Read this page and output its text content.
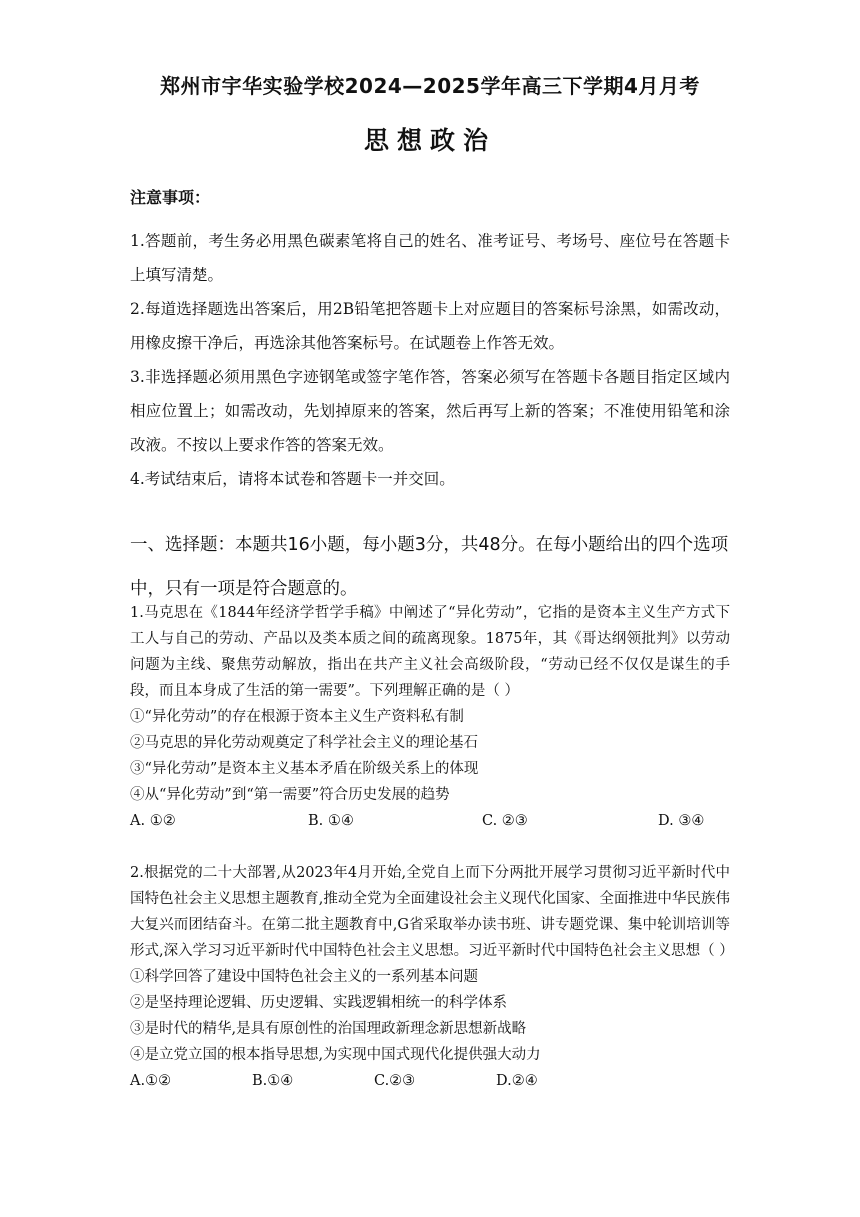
郑州市宇华实验学校2024—2025学年高三下学期4月月考
思想政治
注意事项：

1.答题前，考生务必用黑色碳素笔将自己的姓名、准考证号、考场号、座位号在答题卡上填写清楚。

2.每道选择题选出答案后，用2B铅笔把答题卡上对应题目的答案标号涂黑，如需改动，用橡皮擦干净后，再选涂其他答案标号。在试题卷上作答无效。

3.非选择题必须用黑色字迹钢笔或签字笔作答，答案必须写在答题卡各题目指定区域内相应位置上；如需改动，先划掉原来的答案，然后再写上新的答案；不准使用铅笔和涂改液。不按以上要求作答的答案无效。

4.考试结束后，请将本试卷和答题卡一并交回。

一、选择题：本题共16小题，每小题3分，共48分。在每小题给出的四个选项中，只有一项是符合题意的。

1.马克思在《1844年经济学哲学手稿》中阐述了“异化劳动”，它指的是资本主义生产方式下工人与自己的劳动、产品以及类本质之间的疏离现象。1875年，其《哥达纲领批判》以劳动问题为主线、聚焦劳动解放，指出在共产主义社会高级阶段，“劳动已经不仅仅是谋生的手段，而且本身成了生活的第一需要”。下列理解正确的是（ ）

①“异化劳动”的存在根源于资本主义生产资料私有制

②马克思的异化劳动观奠定了科学社会主义的理论基石

③“异化劳动”是资本主义基本矛盾在阶级关系上的体现

④从“异化劳动”到“第一需要”符合历史发展的趋势

A. ①②	B. ①④	C. ②③	D. ③④

2.根据党的二十大部署,从2023年4月开始,全党自上而下分两批开展学习贯彻习近平新时代中国特色社会主义思想主题教育,推动全党为全面建设社会主义现代化国家、全面推进中华民族伟大复兴而团结奋斗。在第二批主题教育中,G省采取举办读书班、讲专题党课、集中轮训培训等形式,深入学习习近平新时代中国特色社会主义思想。习近平新时代中国特色社会主义思想（ ）

①科学回答了建设中国特色社会主义的一系列基本问题

②是坚持理论逻辑、历史逻辑、实践逻辑相统一的科学体系

③是时代的精华,是具有原创性的治国理政新理念新思想新战略

④是立党立国的根本指导思想,为实现中国式现代化提供强大动力

A.①②	B.①④	C.②③	D.②④
